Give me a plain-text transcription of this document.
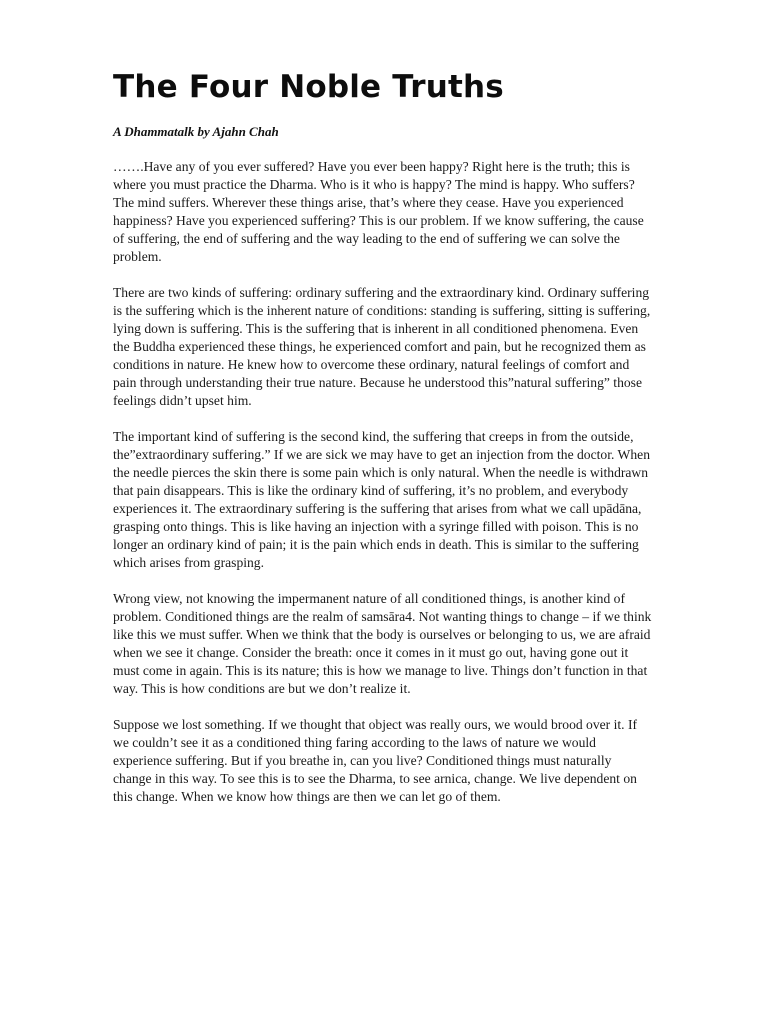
The Four Noble Truths
A Dhammatalk by Ajahn Chah

…….Have any of you ever suffered? Have you ever been happy? Right here is the truth; this is where you must practice the Dharma. Who is it who is happy? The mind is happy. Who suffers? The mind suffers. Wherever these things arise, that’s where they cease. Have you experienced happiness? Have you experienced suffering? This is our problem. If we know suffering, the cause of suffering, the end of suffering and the way leading to the end of suffering we can solve the problem.

There are two kinds of suffering: ordinary suffering and the extraordinary kind. Ordinary suffering is the suffering which is the inherent nature of conditions: standing is suffering, sitting is suffering, lying down is suffering. This is the suffering that is inherent in all conditioned phenomena. Even the Buddha experienced these things, he experienced comfort and pain, but he recognized them as conditions in nature. He knew how to overcome these ordinary, natural feelings of comfort and pain through understanding their true nature. Because he understood this”natural suffering” those feelings didn’t upset him.

The important kind of suffering is the second kind, the suffering that creeps in from the outside, the”extraordinary suffering.” If we are sick we may have to get an injection from the doctor. When the needle pierces the skin there is some pain which is only natural. When the needle is withdrawn that pain disappears. This is like the ordinary kind of suffering, it’s no problem, and everybody experiences it. The extraordinary suffering is the suffering that arises from what we call upādāna, grasping onto things. This is like having an injection with a syringe filled with poison. This is no longer an ordinary kind of pain; it is the pain which ends in death. This is similar to the suffering which arises from grasping.

Wrong view, not knowing the impermanent nature of all conditioned things, is another kind of problem. Conditioned things are the realm of samsāra4. Not wanting things to change – if we think like this we must suffer. When we think that the body is ourselves or belonging to us, we are afraid when we see it change. Consider the breath: once it comes in it must go out, having gone out it must come in again. This is its nature; this is how we manage to live. Things don’t function in that way. This is how conditions are but we don’t realize it.

Suppose we lost something. If we thought that object was really ours, we would brood over it. If we couldn’t see it as a conditioned thing faring according to the laws of nature we would experience suffering. But if you breathe in, can you live? Conditioned things must naturally change in this way. To see this is to see the Dharma, to see arnica, change. We live dependent on this change. When we know how things are then we can let go of them.
